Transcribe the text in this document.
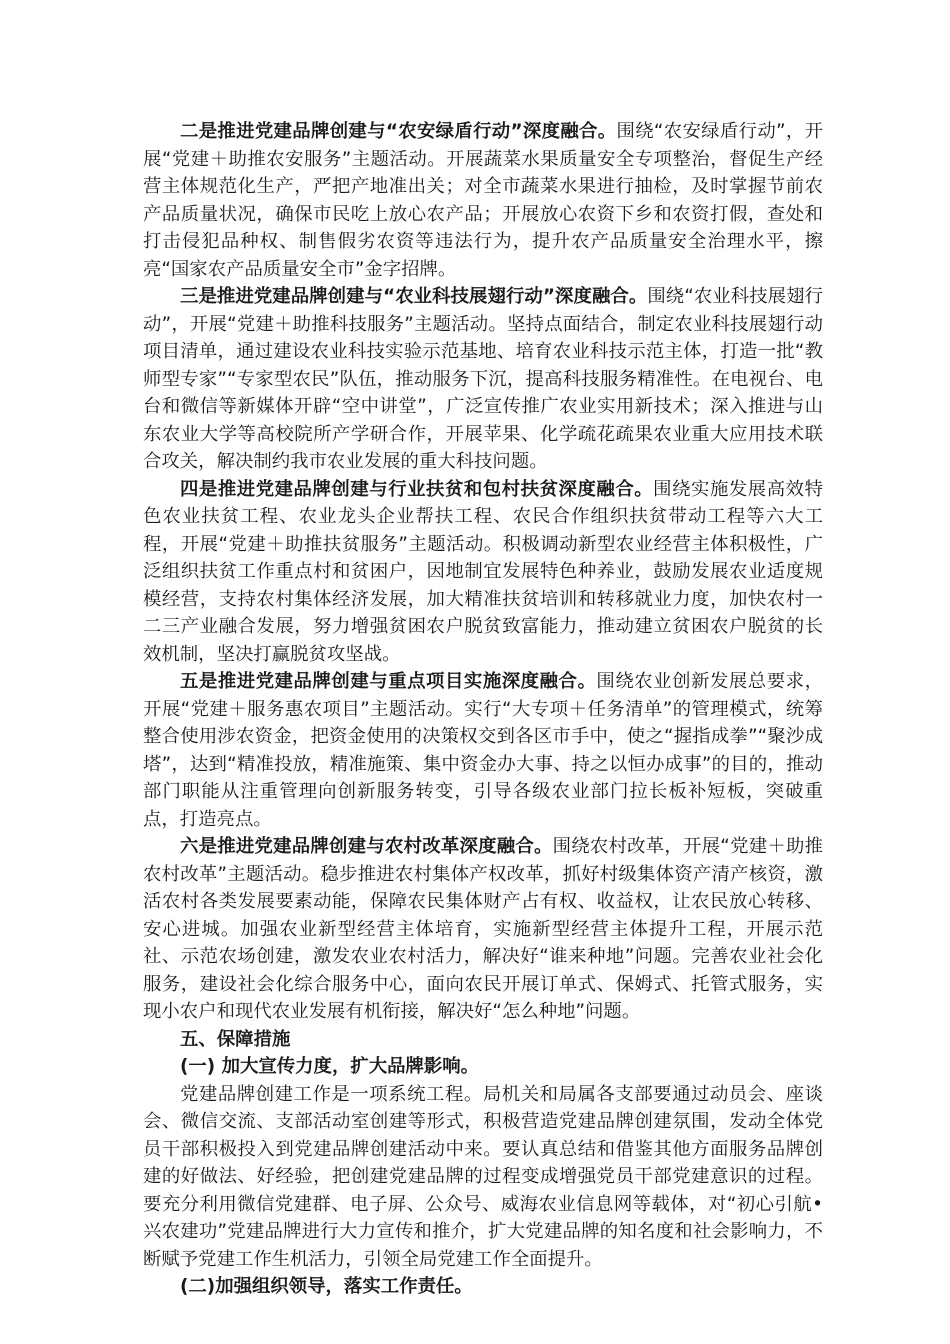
二是推进党建品牌创建与“农安绿盾行动”深度融合。围绕“农安绿盾行动”，开展“党建＋助推农安服务”主题活动。开展蔬菜水果质量安全专项整治，督促生产经营主体规范化生产，严把产地准出关；对全市蔬菜水果进行抽检，及时掌握节前农产品质量状况，确保市民吃上放心农产品；开展放心农资下乡和农资打假，查处和打击侵犯品种权、制售假劣农资等违法行为，提升农产品质量安全治理水平，擦亮“国家农产品质量安全市”金字招牌。

三是推进党建品牌创建与“农业科技展翅行动”深度融合。围绕“农业科技展翅行动”，开展“党建＋助推科技服务”主题活动。坚持点面结合，制定农业科技展翅行动项目清单，通过建设农业科技实验示范基地、培育农业科技示范主体，打造一批“教师型专家”“专家型农民”队伍，推动服务下沉，提高科技服务精准性。在电视台、电台和微信等新媒体开辟“空中讲堂”，广泛宣传推广农业实用新技术；深入推进与山东农业大学等高校院所产学研合作，开展苹果、化学疏花疏果农业重大应用技术联合攻关，解决制约我市农业发展的重大科技问题。

四是推进党建品牌创建与行业扶贫和包村扶贫深度融合。围绕实施发展高效特色农业扶贫工程、农业龙头企业帮扶工程、农民合作组织扶贫带动工程等六大工程，开展“党建＋助推扶贫服务”主题活动。积极调动新型农业经营主体积极性，广泛组织扶贫工作重点村和贫困户，因地制宜发展特色种养业，鼓励发展农业适度规模经营，支持农村集体经济发展，加大精准扶贫培训和转移就业力度，加快农村一二三产业融合发展，努力增强贫困农户脱贫致富能力，推动建立贫困农户脱贫的长效机制，坚决打赢脱贫攻坚战。

五是推进党建品牌创建与重点项目实施深度融合。围绕农业创新发展总要求，开展“党建＋服务惠农项目”主题活动。实行“大专项＋任务清单”的管理模式，统筹整合使用涉农资金，把资金使用的决策权交到各区市手中，使之“握指成拳”“聚沙成塔”，达到“精准投放，精准施策、集中资金办大事、持之以恒办成事”的目的，推动部门职能从注重管理向创新服务转变，引导各级农业部门拉长板补短板，突破重点，打造亮点。

六是推进党建品牌创建与农村改革深度融合。围绕农村改革，开展“党建＋助推农村改革”主题活动。稳步推进农村集体产权改革，抓好村级集体资产清产核资，激活农村各类发展要素动能，保障农民集体财产占有权、收益权，让农民放心转移、安心进城。加强农业新型经营主体培育，实施新型经营主体提升工程，开展示范社、示范农场创建，激发农业农村活力，解决好“谁来种地”问题。完善农业社会化服务，建设社会化综合服务中心，面向农民开展订单式、保姆式、托管式服务，实现小农户和现代农业发展有机衔接，解决好“怎么种地”问题。

五、保障措施

(一) 加大宣传力度，扩大品牌影响。

党建品牌创建工作是一项系统工程。局机关和局属各支部要通过动员会、座谈会、微信交流、支部活动室创建等形式，积极营造党建品牌创建氛围，发动全体党员干部积极投入到党建品牌创建活动中来。要认真总结和借鉴其他方面服务品牌创建的好做法、好经验，把创建党建品牌的过程变成增强党员干部党建意识的过程。要充分利用微信党建群、电子屏、公众号、威海农业信息网等载体，对“初心引航•兴农建功”党建品牌进行大力宣传和推介，扩大党建品牌的知名度和社会影响力，不断赋予党建工作生机活力，引领全局党建工作全面提升。

(二)加强组织领导，落实工作责任。
